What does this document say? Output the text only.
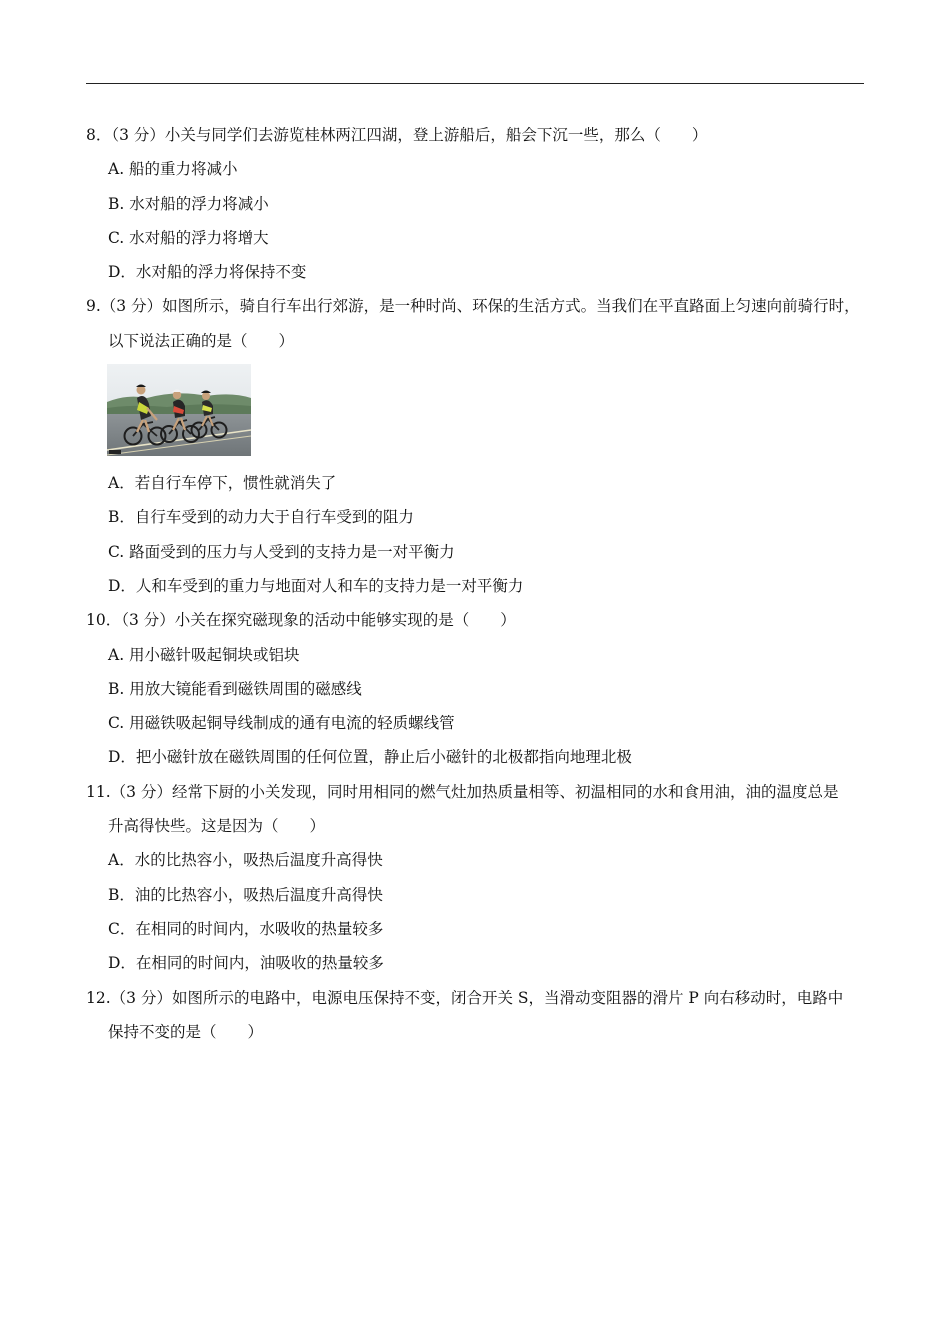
8．（3 分）小关与同学们去游览桂林两江四湖，登上游船后，船会下沉一些，那么（　　）
A. 船的重力将减小
B. 水对船的浮力将减小
C. 水对船的浮力将增大
D．水对船的浮力将保持不变
9.（3 分）如图所示，骑自行车出行郊游，是一种时尚、环保的生活方式。当我们在平直路面上匀速向前骑行时，
以下说法正确的是（　　）
A．若自行车停下，惯性就消失了
B．自行车受到的动力大于自行车受到的阻力
C. 路面受到的压力与人受到的支持力是一对平衡力
D．人和车受到的重力与地面对人和车的支持力是一对平衡力
10．（3 分）小关在探究磁现象的活动中能够实现的是（　　）
A. 用小磁针吸起铜块或铝块
B. 用放大镜能看到磁铁周围的磁感线
C. 用磁铁吸起铜导线制成的通有电流的轻质螺线管
D．把小磁针放在磁铁周围的任何位置，静止后小磁针的北极都指向地理北极
11.（3 分）经常下厨的小关发现，同时用相同的燃气灶加热质量相等、初温相同的水和食用油，油的温度总是
升高得快些。这是因为（　　）
A．水的比热容小，吸热后温度升高得快
B．油的比热容小，吸热后温度升高得快
C．在相同的时间内，水吸收的热量较多
D．在相同的时间内，油吸收的热量较多
12.（3 分）如图所示的电路中，电源电压保持不变，闭合开关 S，当滑动变阻器的滑片 P 向右移动时，电路中
保持不变的是（　　）
